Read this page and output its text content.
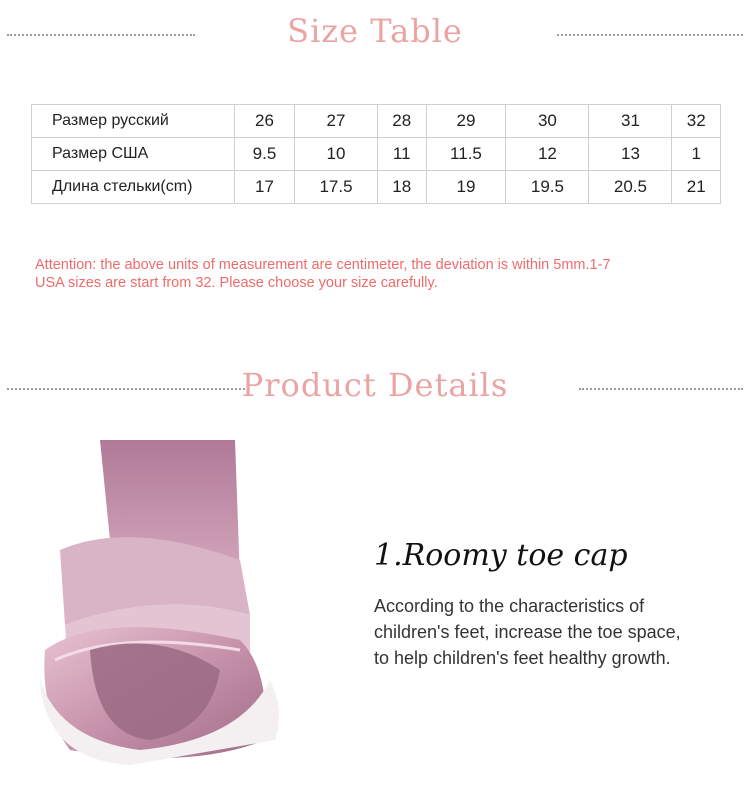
Size Table
Размер русский	26	27	28	29	30	31	32
Размер США	9.5	10	11	11.5	12	13	1
Длина стельки(cm)	17	17.5	18	19	19.5	20.5	21
Attention: the above units of measurement are centimeter, the deviation is within 5mm.1-7
USA sizes are start from 32. Please choose your size carefully.
Product Details
1.Roomy toe cap
According to the characteristics of
children's feet, increase the toe space,
to help children's feet healthy growth.
